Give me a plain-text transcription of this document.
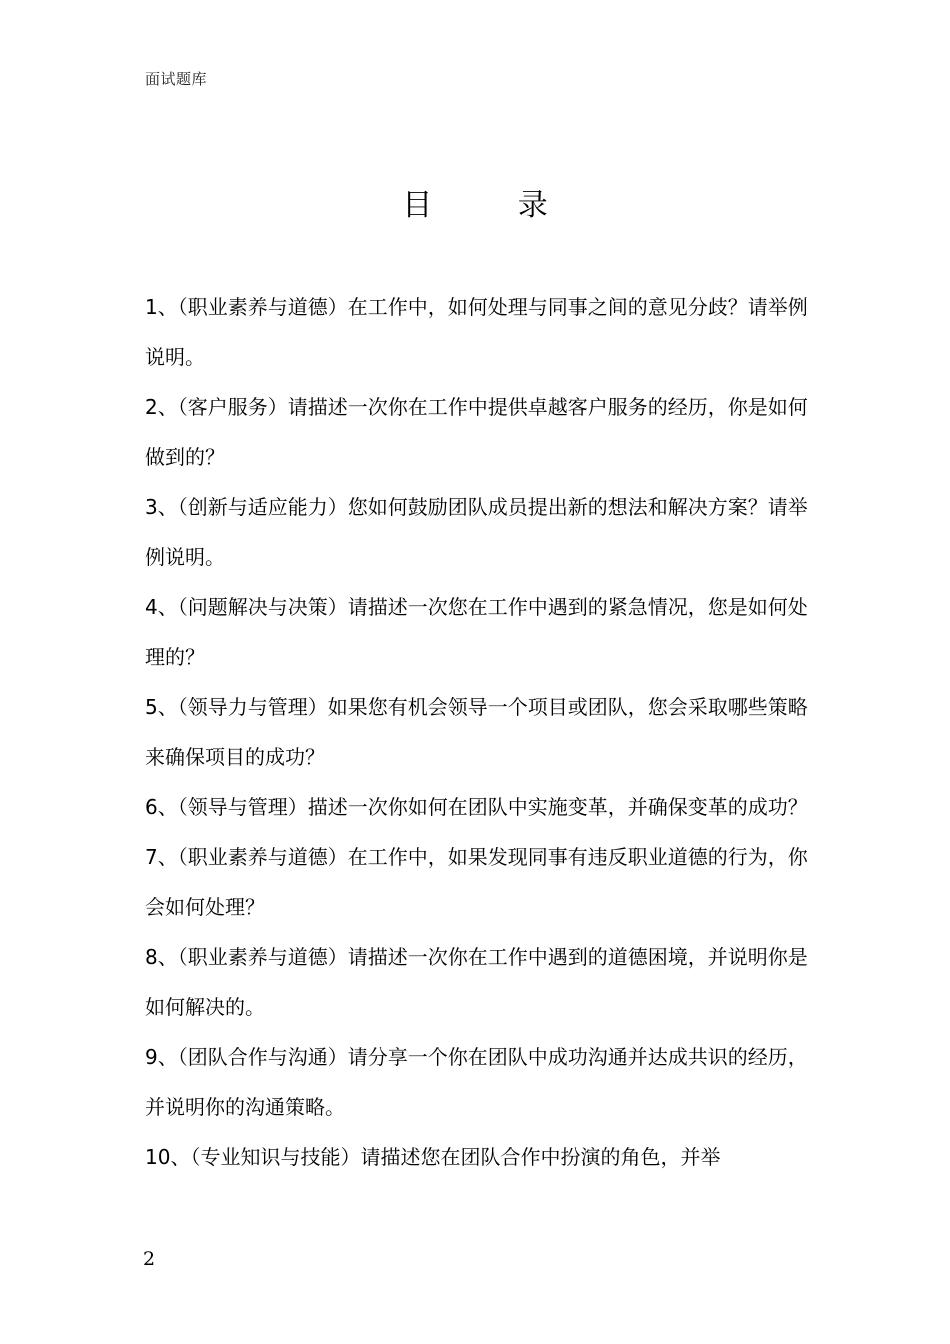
面试题库
目 录

1、（职业素养与道德）在工作中，如何处理与同事之间的意见分歧？请举例说明。

2、（客户服务）请描述一次你在工作中提供卓越客户服务的经历，你是如何做到的？

3、（创新与适应能力）您如何鼓励团队成员提出新的想法和解决方案？请举例说明。

4、（问题解决与决策）请描述一次您在工作中遇到的紧急情况，您是如何处理的？

5、（领导力与管理）如果您有机会领导一个项目或团队，您会采取哪些策略来确保项目的成功？

6、（领导与管理）描述一次你如何在团队中实施变革，并确保变革的成功？

7、（职业素养与道德）在工作中，如果发现同事有违反职业道德的行为，你会如何处理？

8、（职业素养与道德）请描述一次你在工作中遇到的道德困境，并说明你是如何解决的。

9、（团队合作与沟通）请分享一个你在团队中成功沟通并达成共识的经历，并说明你的沟通策略。

10、（专业知识与技能）请描述您在团队合作中扮演的角色，并举

2
